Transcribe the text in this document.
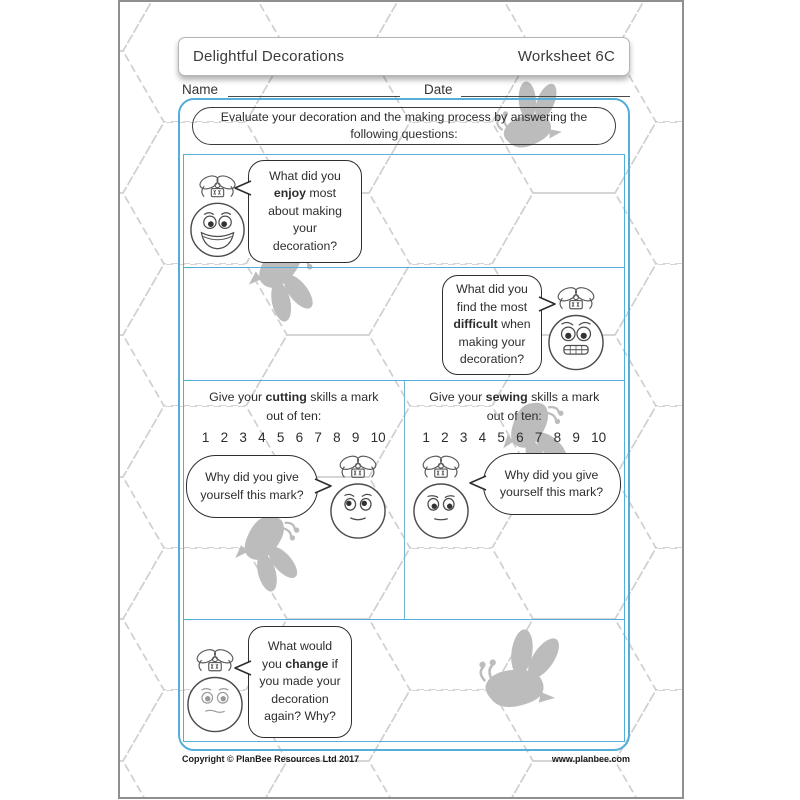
Delightful Decorations	Worksheet 6C
Name	Date
Evaluate your decoration and the making process by answering the
following questions:
What did you
enjoy most
about making
your
decoration?
What did you
find the most
difficult when
making your
decoration?
Give your cutting skills a mark
out of ten:
1 2 3 4 5 6 7 8 9 10
Why did you give
yourself this mark?
Give your sewing skills a mark
out of ten:
1 2 3 4 5 6 7 8 9 10
Why did you give
yourself this mark?
What would
you change if
you made your
decoration
again? Why?
Copyright © PlanBee Resources Ltd 2017	www.planbee.com
